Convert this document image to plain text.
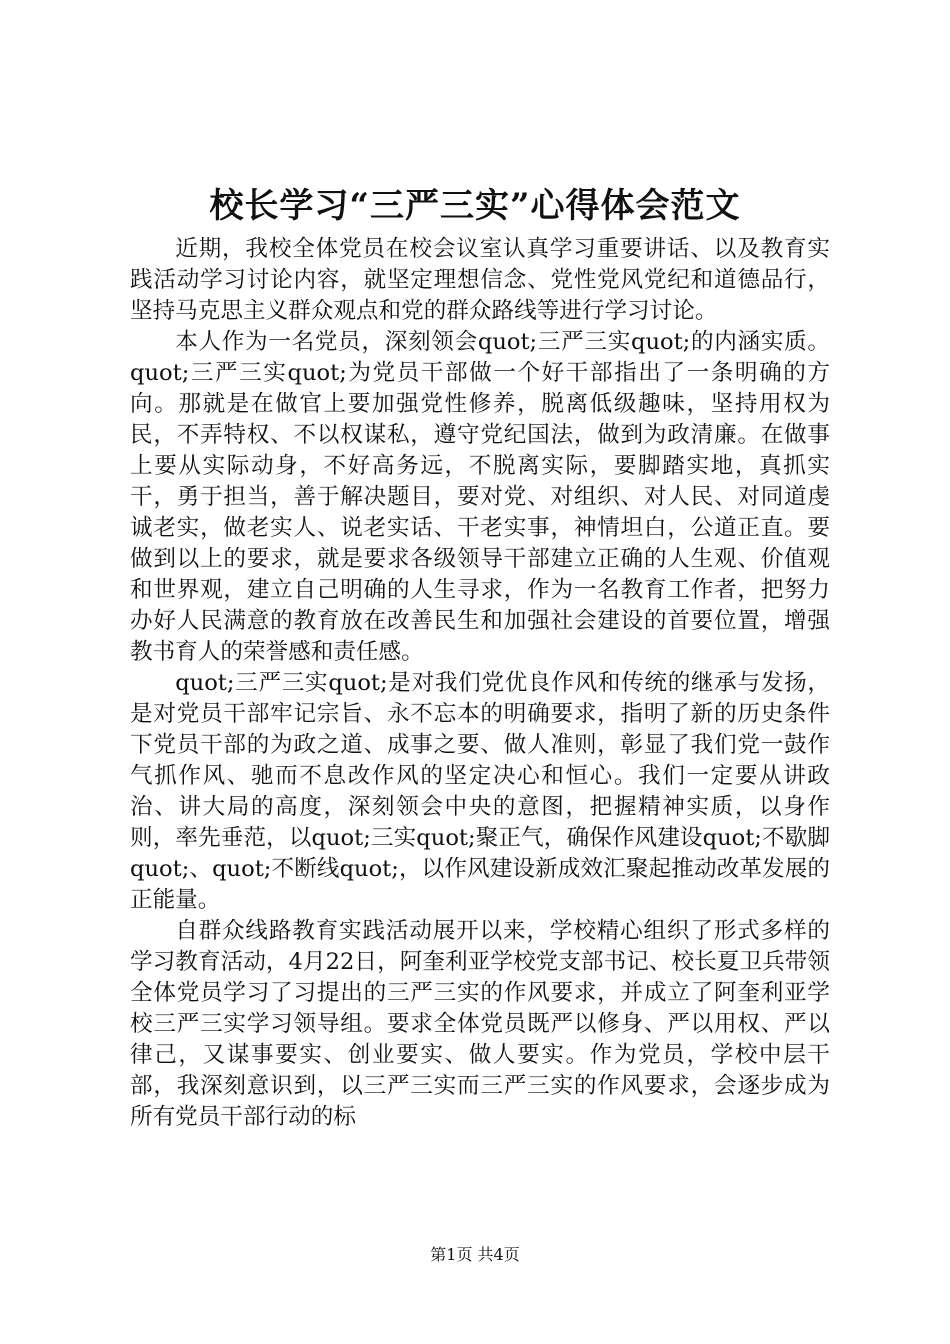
校长学习“三严三实”心得体会范文

近期，我校全体党员在校会议室认真学习重要讲话、以及教育实践活动学习讨论内容，就坚定理想信念、党性党风党纪和道德品行，坚持马克思主义群众观点和党的群众路线等进行学习讨论。

本人作为一名党员，深刻领会quot;三严三实quot;的内涵实质。quot;三严三实quot;为党员干部做一个好干部指出了一条明确的方向。那就是在做官上要加强党性修养，脱离低级趣味，坚持用权为民，不弄特权、不以权谋私，遵守党纪国法，做到为政清廉。在做事上要从实际动身，不好高务远，不脱离实际，要脚踏实地，真抓实干，勇于担当，善于解决题目，要对党、对组织、对人民、对同道虔诚老实，做老实人、说老实话、干老实事，神情坦白，公道正直。要做到以上的要求，就是要求各级领导干部建立正确的人生观、价值观和世界观，建立自己明确的人生寻求，作为一名教育工作者，把努力办好人民满意的教育放在改善民生和加强社会建设的首要位置，增强教书育人的荣誉感和责任感。

quot;三严三实quot;是对我们党优良作风和传统的继承与发扬，是对党员干部牢记宗旨、永不忘本的明确要求，指明了新的历史条件下党员干部的为政之道、成事之要、做人准则，彰显了我们党一鼓作气抓作风、驰而不息改作风的坚定决心和恒心。我们一定要从讲政治、讲大局的高度，深刻领会中央的意图，把握精神实质，以身作则，率先垂范，以quot;三实quot;聚正气，确保作风建设quot;不歇脚quot;、quot;不断线quot;，以作风建设新成效汇聚起推动改革发展的正能量。

自群众线路教育实践活动展开以来，学校精心组织了形式多样的学习教育活动，4月22日，阿奎利亚学校党支部书记、校长夏卫兵带领全体党员学习了习提出的三严三实的作风要求，并成立了阿奎利亚学校三严三实学习领导组。要求全体党员既严以修身、严以用权、严以律己，又谋事要实、创业要实、做人要实。作为党员，学校中层干部，我深刻意识到，以三严三实而三严三实的作风要求，会逐步成为所有党员干部行动的标

第1页 共4页
